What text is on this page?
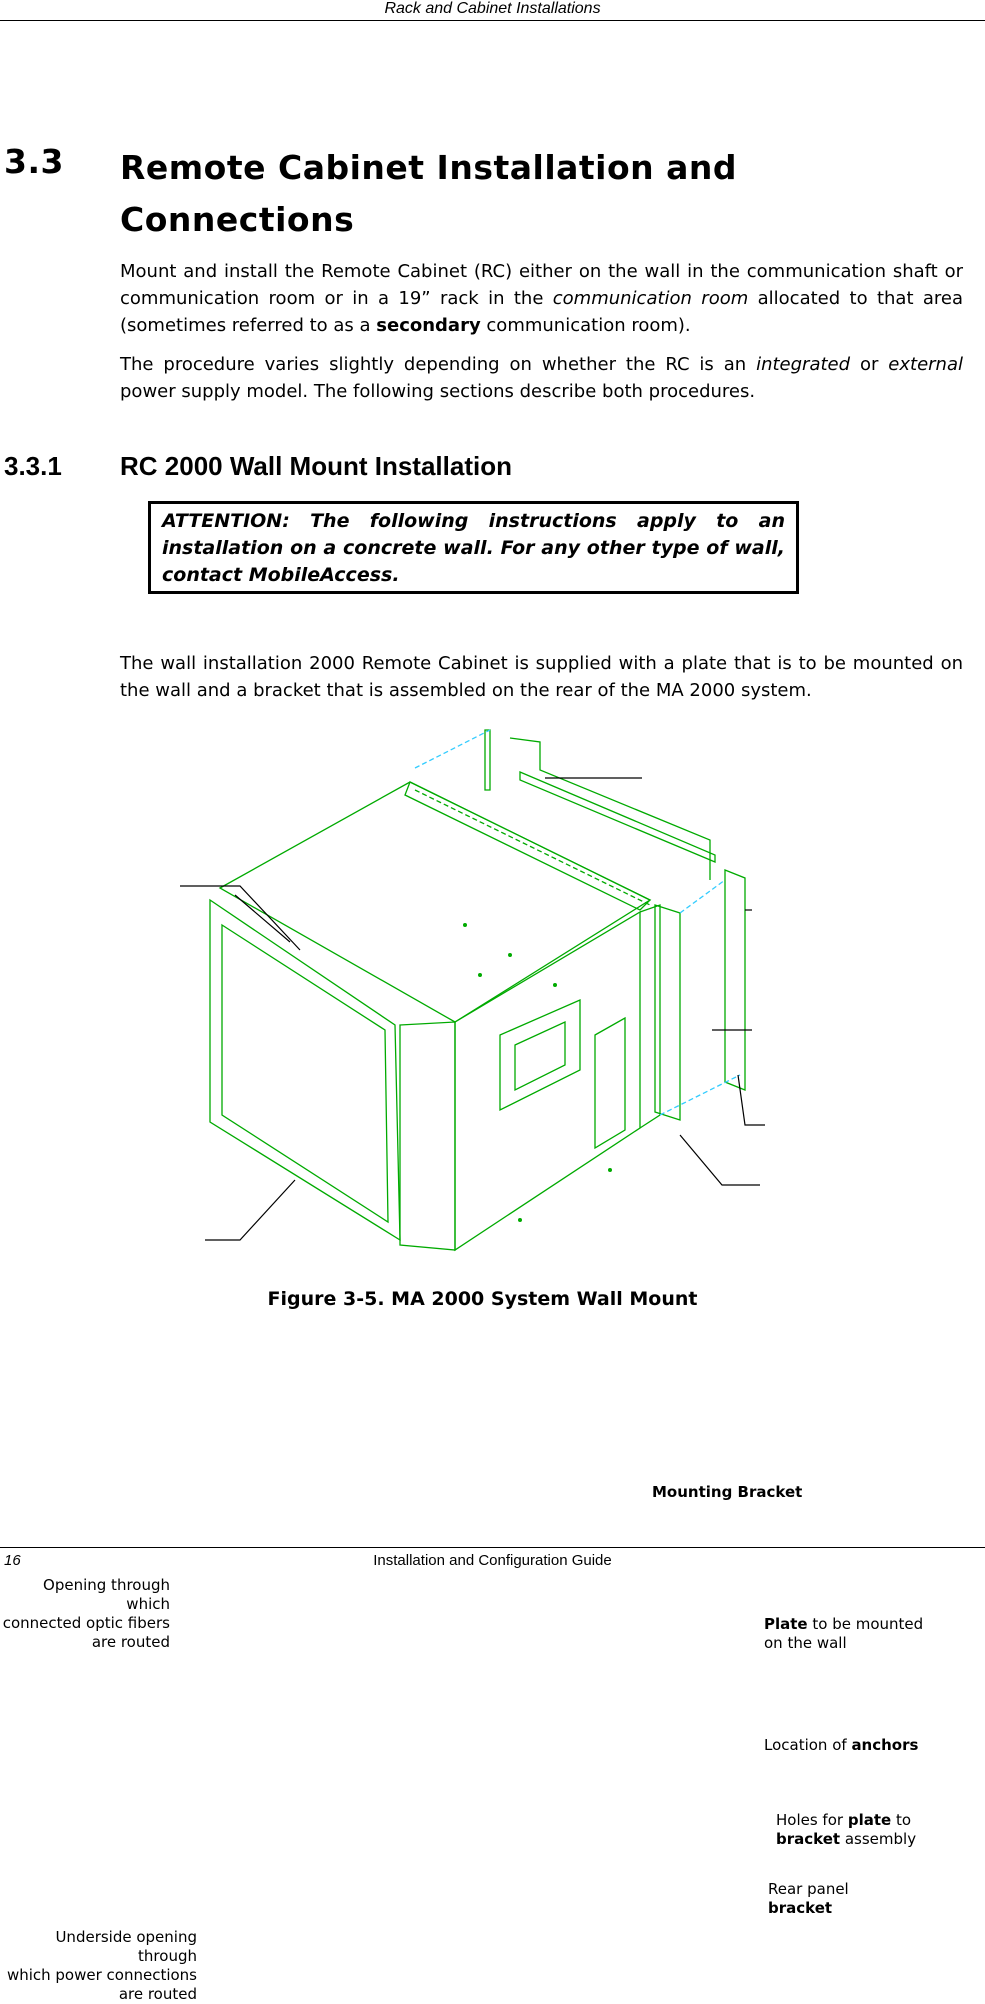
Rack and Cabinet Installations
3.3 Remote Cabinet Installation and Connections
Mount and install the Remote Cabinet (RC) either on the wall in the communication shaft or communication room or in a 19” rack in the communication room allocated to that area (sometimes referred to as a secondary communication room).
The procedure varies slightly depending on whether the RC is an integrated or external power supply model. The following sections describe both procedures.
3.3.1 RC 2000 Wall Mount Installation
ATTENTION: The following instructions apply to an installation on a concrete wall. For any other type of wall, contact MobileAccess.
The wall installation 2000 Remote Cabinet is supplied with a plate that is to be mounted on the wall and a bracket that is assembled on the rear of the MA 2000 system.
Mounting Bracket
Opening through which
connected optic fibers
are routed
Plate to be mounted
on the wall
Location of anchors
Holes for plate to
bracket assembly
Rear panel
bracket
Underside opening through
which power connections
are routed
Figure 3-5. MA 2000 System Wall Mount
16	Installation and Configuration Guide
